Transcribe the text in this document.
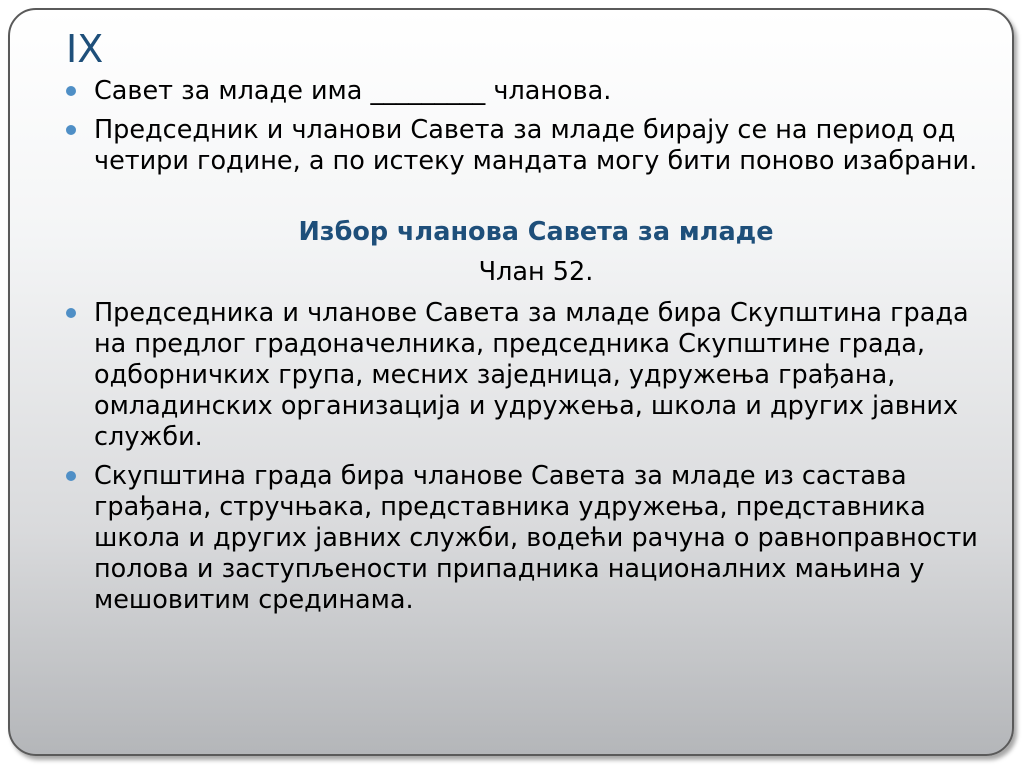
IX
Савет за младе има _________ чланова.
Председник и чланови Савета за младе бирају се на период од четири године, а по истеку мандата могу бити поново изабрани.
Избор чланова Савета за младе
Члан 52.
Председника и чланове Савета за младе бира Скупштина града на предлог градоначелника, председника Скупштине града, одборничких група, месних заједница, удружења грађана, омладинских организација и удружења, школа и других јавних служби.
Скупштина града бира чланове Савета за младе из састава грађана, стручњака, представника удружења, представника школа и других јавних служби, водећи рачуна о равноправности полова и заступљености припадника националних мањина у мешовитим срединама.
